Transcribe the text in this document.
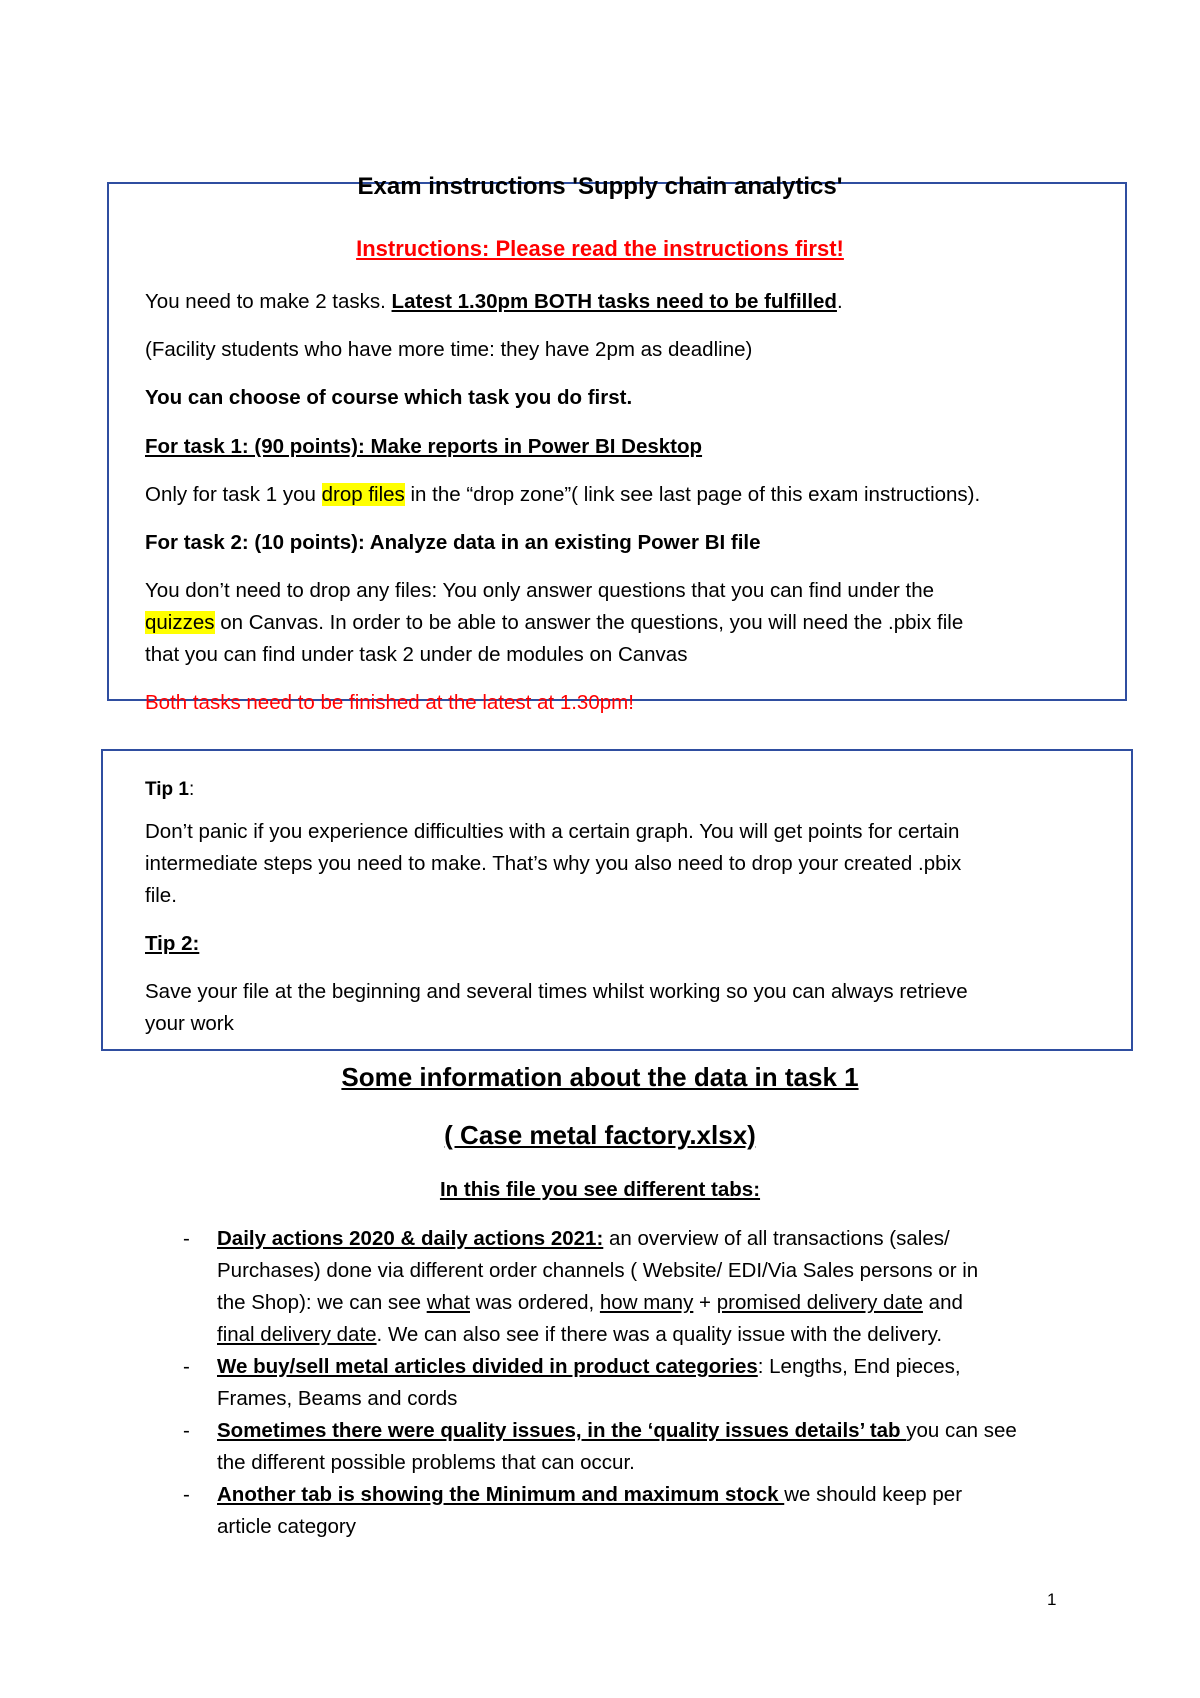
Exam instructions 'Supply chain analytics'
Instructions: Please read the instructions first!
You need to make 2 tasks. Latest 1.30pm BOTH tasks need to be fulfilled.
(Facility students who have more time: they have 2pm as deadline)
You can choose of course which task you do first.
For task 1: (90 points): Make reports in Power BI Desktop
Only for task 1 you drop files in the “drop zone”( link see last page of this exam instructions).
For task 2: (10 points): Analyze data in an existing Power BI file
You don’t need to drop any files: You only answer questions that you can find under the
quizzes on Canvas. In order to be able to answer the questions, you will need the .pbix file
that you can find under task 2 under de modules on Canvas
Both tasks need to be finished at the latest at 1.30pm!
Tip 1:
Don’t panic if you experience difficulties with a certain graph. You will get points for certain
intermediate steps you need to make. That’s why you also need to drop your created .pbix
file.
Tip 2:
Save your file at the beginning and several times whilst working so you can always retrieve
your work
Some information about the data in task 1
( Case metal factory.xlsx)
In this file you see different tabs:
- Daily actions 2020 & daily actions 2021: an overview of all transactions (sales/
Purchases) done via different order channels ( Website/ EDI/Via Sales persons or in
the Shop): we can see what was ordered, how many + promised delivery date and
final delivery date. We can also see if there was a quality issue with the delivery.
- We buy/sell metal articles divided in product categories: Lengths, End pieces,
Frames, Beams and cords
- Sometimes there were quality issues, in the ‘quality issues details’ tab you can see
the different possible problems that can occur.
- Another tab is showing the Minimum and maximum stock we should keep per
article category
1
